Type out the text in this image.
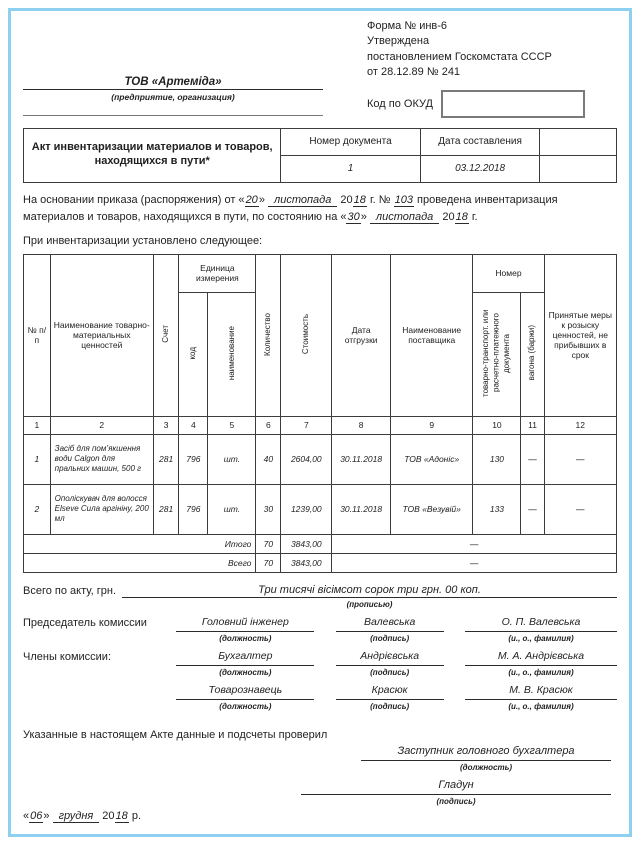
ТОВ «Артеміда»
(предприятие, организация)
Форма № инв-6
Утверждена
постановлением Госкомстата СССР
от 28.12.89 № 241
Код по ОКУД
Акт инвентаризации материалов и товаров, находящихся в пути*	Номер документа	Дата составления	
	1	03.12.2018	

На основании приказа (распоряжения) от «20» листопада 2018 г. № 103 проведена инвентаризация материалов и товаров, находящихся в пути, по состоянию на «30» листопада 2018 г.

При инвентаризации установлено следующее:

№ п/п	Наименование товарно-материальных ценностей	Счет	Единица измерения		Количество	Стоимость	Дата отгрузки	Наименование поставщика	Номер		Принятые меры к розыску ценностей, не прибывших в срок
			код	наименование					товарно-транспорт. или расчетно-платежного документа	вагона (баржи)	
1	2	3	4	5	6	7	8	9	10	11	12
1	Засіб для пом’якшення води Calgon для пральних машин, 500 г	281	796	шт.	40	2604,00	30.11.2018	ТОВ «Адоніс»	130	—	—
2	Ополіскувач для волосся Elseve Сила аргініну, 200 мл	281	796	шт.	30	1239,00	30.11.2018	ТОВ «Везувій»	133	—	—
Итого					70	3843,00	—				
Всего					70	3843,00	—				
Всего по акту, грн.	Три тисячі вісімсот сорок три грн. 00 коп.
(прописью)
Председатель комиссии	Головний інженер
(должность)
Валевська
(подпись)
О. П. Валевська
(и., о., фамилия)
Члены комиссии:	Бухгалтер
(должность)
Андрієвська
(подпись)
М. А. Андрієвська
(и., о., фамилия)
Товарознавець
(должность)
Красюк
(подпись)
М. В. Красюк
(и., о., фамилия)
Указанные в настоящем Акте данные и подсчеты проверил
Заступник головного бухгалтера
(должность)
Гладун
(подпись)
«06» грудня 2018 р.
